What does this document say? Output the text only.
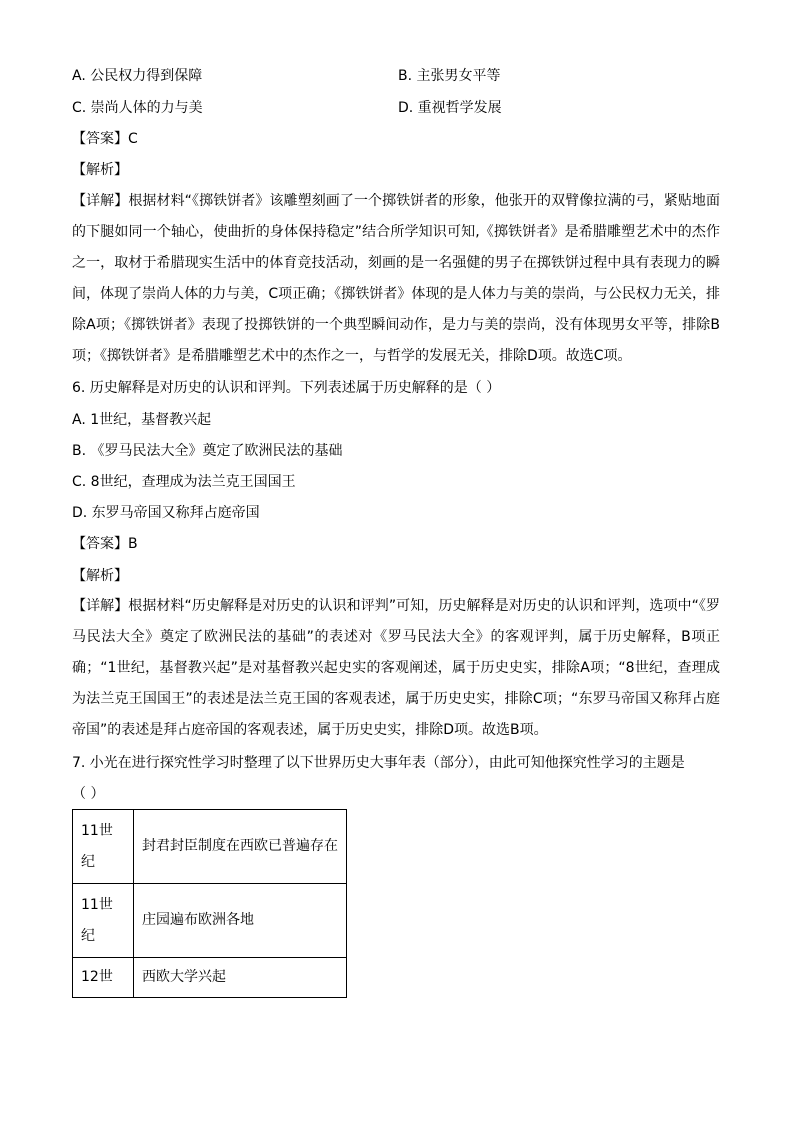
A. 公民权力得到保障	B. 主张男女平等
C. 崇尚人体的力与美	D. 重视哲学发展
【答案】C
【解析】
【详解】根据材料“《掷铁饼者》该雕塑刻画了一个掷铁饼者的形象，他张开的双臂像拉满的弓，紧贴地面的下腿如同一个轴心，使曲折的身体保持稳定”结合所学知识可知,《掷铁饼者》是希腊雕塑艺术中的杰作之一，取材于希腊现实生活中的体育竞技活动，刻画的是一名强健的男子在掷铁饼过程中具有表现力的瞬间，体现了崇尚人体的力与美，C项正确；《掷铁饼者》体现的是人体力与美的崇尚，与公民权力无关，排除A项；《掷铁饼者》表现了投掷铁饼的一个典型瞬间动作，是力与美的崇尚，没有体现男女平等，排除B项；《掷铁饼者》是希腊雕塑艺术中的杰作之一，与哲学的发展无关，排除D项。故选C项。
6. 历史解释是对历史的认识和评判。下列表述属于历史解释的是（ ）
A. 1世纪，基督教兴起
B. 《罗马民法大全》奠定了欧洲民法的基础
C. 8世纪，查理成为法兰克王国国王
D. 东罗马帝国又称拜占庭帝国
【答案】B
【解析】
【详解】根据材料“历史解释是对历史的认识和评判”可知，历史解释是对历史的认识和评判，选项中“《罗马民法大全》奠定了欧洲民法的基础”的表述对《罗马民法大全》的客观评判，属于历史解释，B项正确；“1世纪，基督教兴起”是对基督教兴起史实的客观阐述，属于历史史实，排除A项；“8世纪，查理成为法兰克王国国王”的表述是法兰克王国的客观表述，属于历史史实，排除C项；“东罗马帝国又称拜占庭帝国”的表述是拜占庭帝国的客观表述，属于历史史实，排除D项。故选B项。
7. 小光在进行探究性学习时整理了以下世界历史大事年表（部分），由此可知他探究性学习的主题是
（ ）
11世纪	封君封臣制度在西欧已普遍存在
11世纪	庄园遍布欧洲各地
12世	西欧大学兴起
